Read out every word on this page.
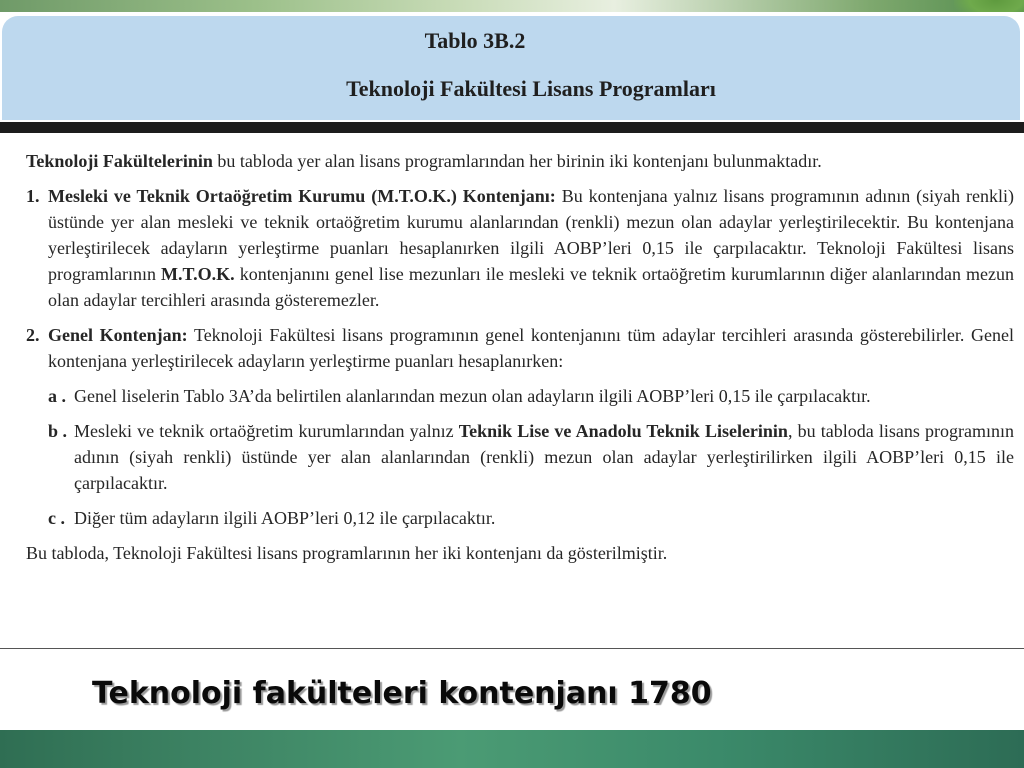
Tablo 3B.2
Teknoloji Fakültesi Lisans Programları

Teknoloji Fakültelerinin bu tabloda yer alan lisans programlarından her birinin iki kontenjanı bulunmaktadır.

1. Mesleki ve Teknik Ortaöğretim Kurumu (M.T.O.K.) Kontenjanı: Bu kontenjana yalnız lisans programının adının (siyah renkli) üstünde yer alan mesleki ve teknik ortaöğretim kurumu alanlarından (renkli) mezun olan adaylar yerleştirilecektir. Bu kontenjana yerleştirilecek adayların yerleştirme puanları hesaplanırken ilgili AOBP’leri 0,15 ile çarpılacaktır. Teknoloji Fakültesi lisans programlarının M.T.O.K. kontenjanını genel lise mezunları ile mesleki ve teknik ortaöğretim kurumlarının diğer alanlarından mezun olan adaylar tercihleri arasında gösteremezler.
2. Genel Kontenjan: Teknoloji Fakültesi lisans programının genel kontenjanını tüm adaylar tercihleri arasında gösterebilirler. Genel kontenjana yerleştirilecek adayların yerleştirme puanları hesaplanırken:
a . Genel liselerin Tablo 3A’da belirtilen alanlarından mezun olan adayların ilgili AOBP’leri 0,15 ile çarpılacaktır.
b . Mesleki ve teknik ortaöğretim kurumlarından yalnız Teknik Lise ve Anadolu Teknik Liselerinin, bu tabloda lisans programının adının (siyah renkli) üstünde yer alan alanlarından (renkli) mezun olan adaylar yerleştirilirken ilgili AOBP’leri 0,15 ile çarpılacaktır.
c . Diğer tüm adayların ilgili AOBP’leri 0,12 ile çarpılacaktır.

Bu tabloda, Teknoloji Fakültesi lisans programlarının her iki kontenjanı da gösterilmiştir.

Teknoloji fakülteleri kontenjanı 1780
